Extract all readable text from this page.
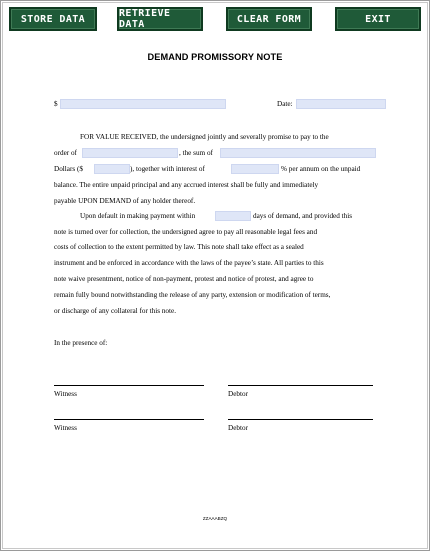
STORE DATA	RETRIEVE DATA	CLEAR FORM	EXIT
DEMAND PROMISSORY NOTE
$	Date:
FOR VALUE RECEIVED, the undersigned jointly and severally promise to pay to the
order of	, the sum of
Dollars ($	), together with interest of	% per annum on the unpaid
balance. The entire unpaid principal and any accrued interest shall be fully and immediately
payable UPON DEMAND of any holder thereof.
Upon default in making payment within	days of demand, and provided this
note is turned over for collection, the undersigned agree to pay all reasonable legal fees and
costs of collection to the extent permitted by law. This note shall take effect as a sealed
instrument and be enforced in accordance with the laws of the payee’s state. All parties to this
note waive presentment, notice of non-payment, protest and notice of protest, and agree to
remain fully bound notwithstanding the release of any party, extension or modification of terms,
or discharge of any collateral for this note.
In the presence of:
Witness	Debtor
Witness	Debtor
ZZAAABZQ
